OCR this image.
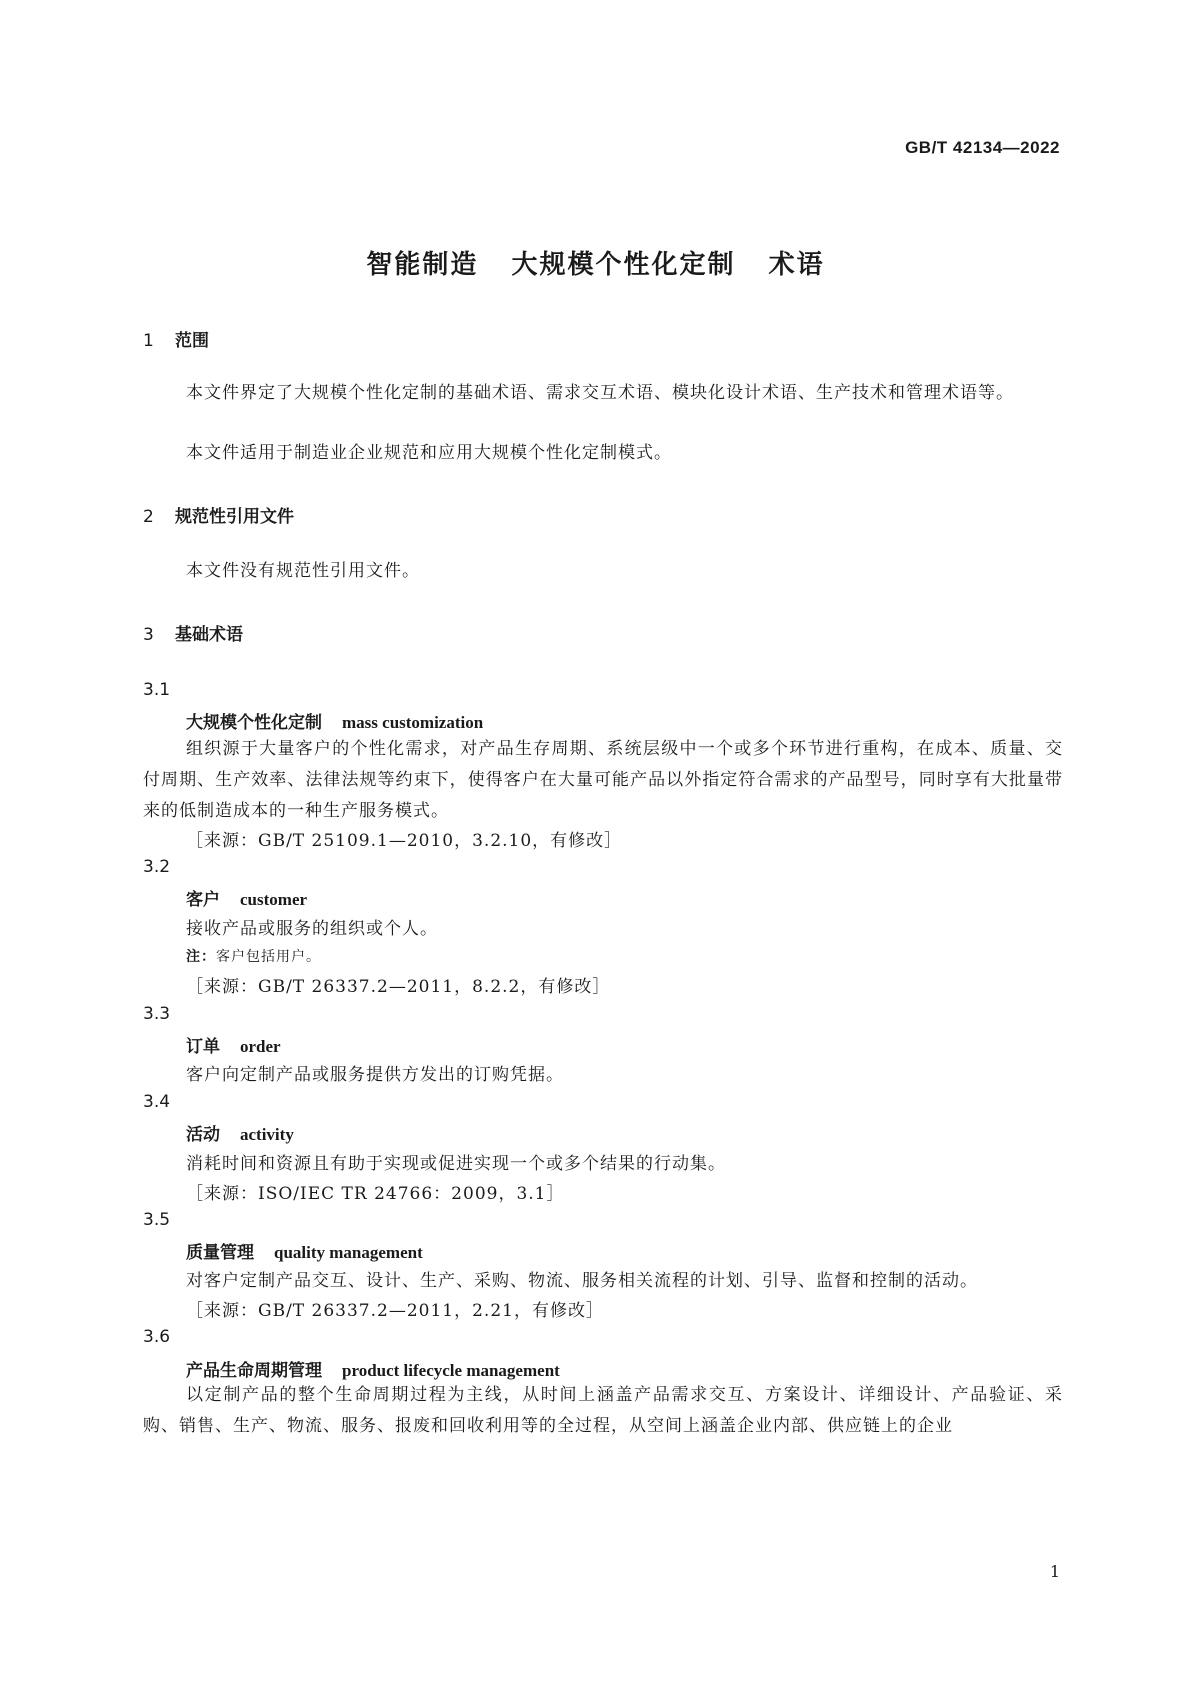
GB/T 42134—2022
智能制造   大规模个性化定制   术语
1 范围
本文件界定了大规模个性化定制的基础术语、需求交互术语、模块化设计术语、生产技术和管理术语等。
本文件适用于制造业企业规范和应用大规模个性化定制模式。
2 规范性引用文件
本文件没有规范性引用文件。
3 基础术语
3.1
大规模个性化定制 mass customization
组织源于大量客户的个性化需求，对产品生存周期、系统层级中一个或多个环节进行重构，在成本、质量、交付周期、生产效率、法律法规等约束下，使得客户在大量可能产品以外指定符合需求的产品型号，同时享有大批量带来的低制造成本的一种生产服务模式。
［来源：GB/T 25109.1—2010，3.2.10，有修改］
3.2
客户 customer
接收产品或服务的组织或个人。
注：客户包括用户。
［来源：GB/T 26337.2—2011，8.2.2，有修改］
3.3
订单 order
客户向定制产品或服务提供方发出的订购凭据。
3.4
活动 activity
消耗时间和资源且有助于实现或促进实现一个或多个结果的行动集。
［来源：ISO/IEC TR 24766：2009，3.1］
3.5
质量管理 quality management
对客户定制产品交互、设计、生产、采购、物流、服务相关流程的计划、引导、监督和控制的活动。
［来源：GB/T 26337.2—2011，2.21，有修改］
3.6
产品生命周期管理 product lifecycle management
以定制产品的整个生命周期过程为主线，从时间上涵盖产品需求交互、方案设计、详细设计、产品验证、采购、销售、生产、物流、服务、报废和回收利用等的全过程，从空间上涵盖企业内部、供应链上的企业
1
